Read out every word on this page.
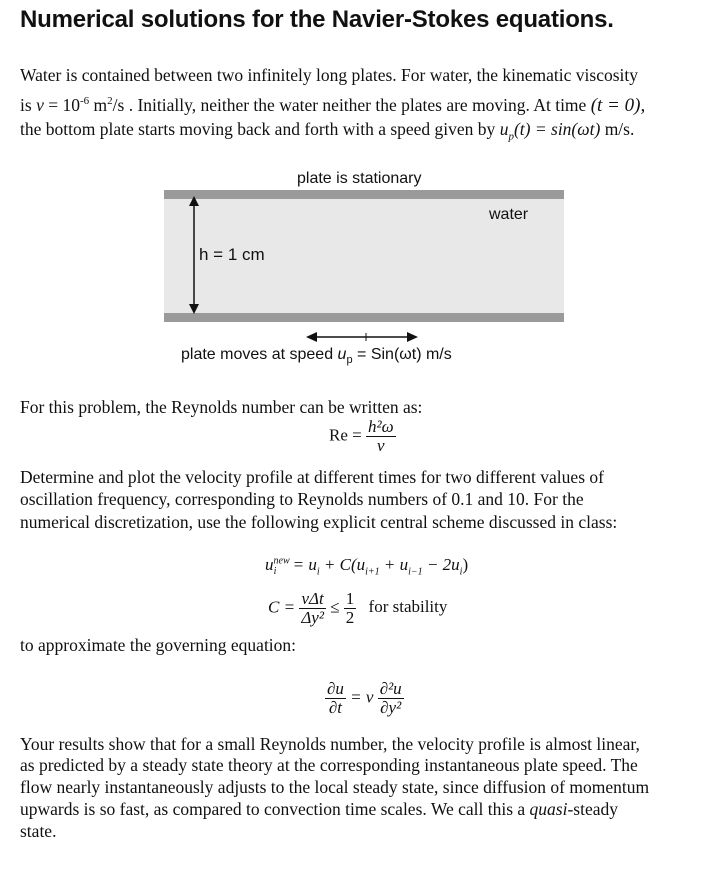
Numerical solutions for the Navier-Stokes equations.
Water is contained between two infinitely long plates. For water, the kinematic viscosity
is $\nu = 10^{-6}$ $m^2/s$ . Initially, neither the water neither the plates are moving. At time (t = 0),
the bottom plate starts moving back and forth with a speed given by $u_p(t) = \sin(\omega t)$ m/s.
plate is stationary
water
h = 1 cm
plate moves at speed $u_p = Sin(\omega t)$ m/s
For this problem, the Reynolds number can be written as:
$Re = \frac{\text{h²ω}}{\nu}$
Determine and plot the velocity profile at different times for two different values of
oscillation frequency, corresponding to Reynolds numbers of 0.1 and 10. For the
numerical discretization, use the following explicit central scheme discussed in class:
$u^{new}_i = u_i + C(u_{i+1} + u_{i-1} - 2u_i)$
$C = \frac{\text{νΔt}}{\text{Δy²}} \le \frac{1}{2}$ for stability
to approximate the governing equation:
$\frac{\partial u}{\partial t} = \nu \frac{\text{∂²u}}{\text{∂y²}}$
Your results show that for a small Reynolds number, the velocity profile is almost linear,
as predicted by a steady state theory at the corresponding instantaneous plate speed. The
flow nearly instantaneously adjusts to the local steady state, since diffusion of momentum
upwards is so fast, as compared to convection time scales. We call this a quasi-steady
state.
